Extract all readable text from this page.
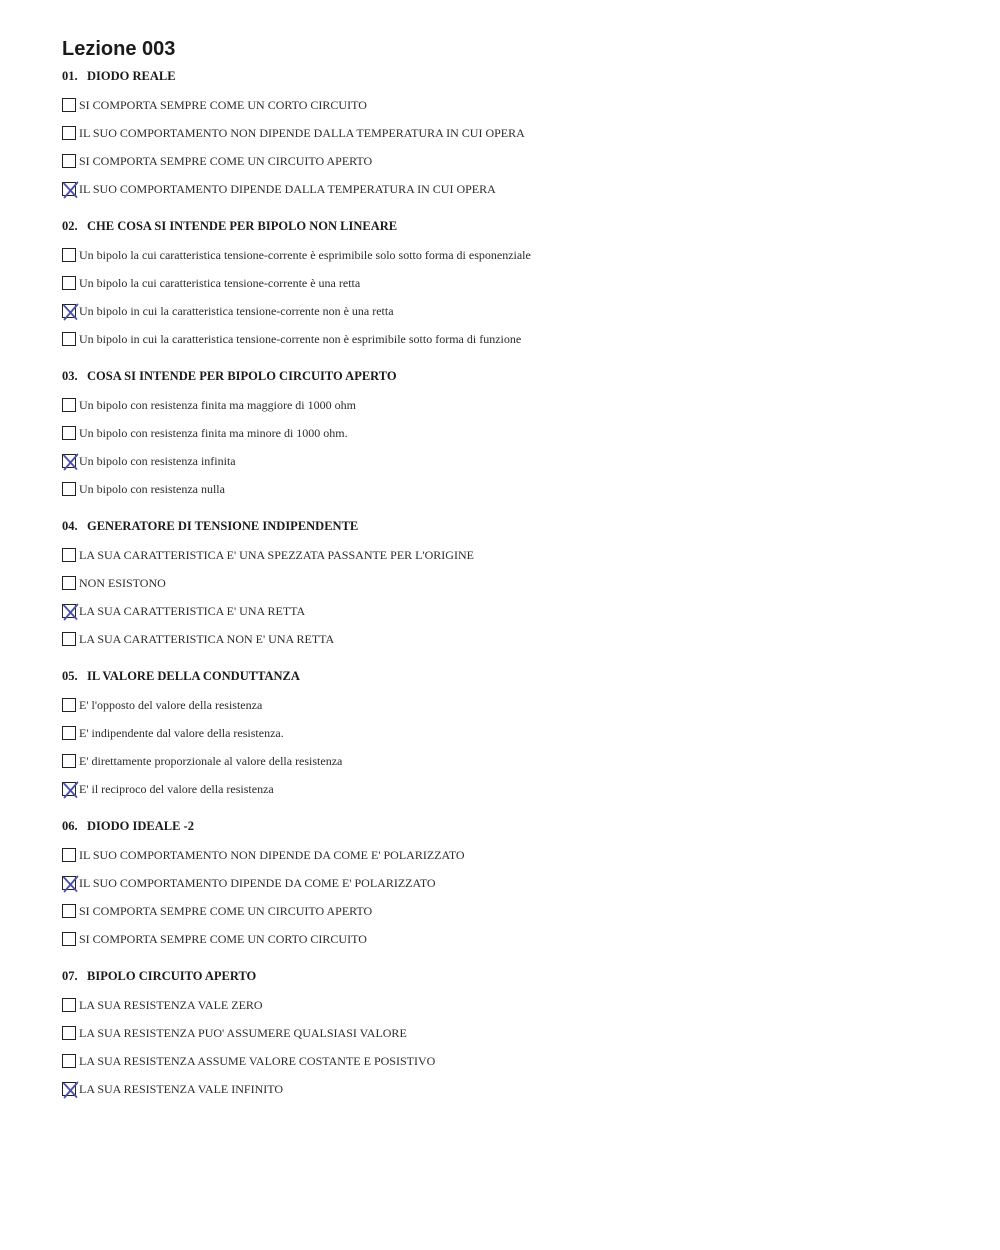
Lezione 003
01. DIODO REALE
SI COMPORTA SEMPRE COME UN CORTO CIRCUITO
IL SUO COMPORTAMENTO NON DIPENDE DALLA TEMPERATURA IN CUI OPERA
SI COMPORTA SEMPRE COME UN CIRCUITO APERTO
IL SUO COMPORTAMENTO DIPENDE DALLA TEMPERATURA IN CUI OPERA
02. CHE COSA SI INTENDE PER BIPOLO NON LINEARE
Un bipolo la cui caratteristica tensione-corrente è esprimibile solo sotto forma di esponenziale
Un bipolo la cui caratteristica tensione-corrente è una retta
Un bipolo in cui la caratteristica tensione-corrente non è una retta
Un bipolo in cui la caratteristica tensione-corrente non è esprimibile sotto forma di funzione
03. COSA SI INTENDE PER BIPOLO CIRCUITO APERTO
Un bipolo con resistenza finita ma maggiore di 1000 ohm
Un bipolo con resistenza finita ma minore di 1000 ohm.
Un bipolo con resistenza infinita
Un bipolo con resistenza nulla
04. GENERATORE DI TENSIONE INDIPENDENTE
LA SUA CARATTERISTICA E' UNA SPEZZATA PASSANTE PER L'ORIGINE
NON ESISTONO
LA SUA CARATTERISTICA E' UNA RETTA
LA SUA CARATTERISTICA NON E' UNA RETTA
05. IL VALORE DELLA CONDUTTANZA
E' l'opposto del valore della resistenza
E' indipendente dal valore della resistenza.
E' direttamente proporzionale al valore della resistenza
E' il reciproco del valore della resistenza
06. DIODO IDEALE -2
IL SUO COMPORTAMENTO NON DIPENDE DA COME E' POLARIZZATO
IL SUO COMPORTAMENTO DIPENDE DA COME E' POLARIZZATO
SI COMPORTA SEMPRE COME UN CIRCUITO APERTO
SI COMPORTA SEMPRE COME UN CORTO CIRCUITO
07. BIPOLO CIRCUITO APERTO
LA SUA RESISTENZA VALE ZERO
LA SUA RESISTENZA PUO' ASSUMERE QUALSIASI VALORE
LA SUA RESISTENZA ASSUME VALORE COSTANTE E POSISTIVO
LA SUA RESISTENZA VALE INFINITO
